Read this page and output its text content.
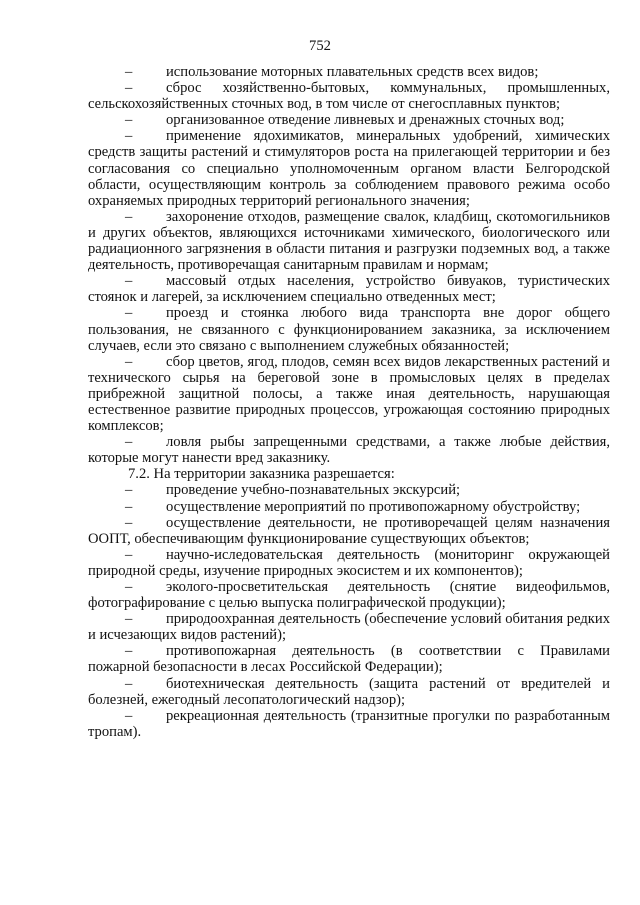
752

– использование моторных плавательных средств всех видов;

– сброс хозяйственно-бытовых, коммунальных, промышленных, сельскохозяйственных сточных вод, в том числе от снегосплавных пунктов;

– организованное отведение ливневых и дренажных сточных вод;

– применение ядохимикатов, минеральных удобрений, химических средств защиты растений и стимуляторов роста на прилегающей территории и без согласования со специально уполномоченным органом власти Белгородской области, осуществляющим контроль за соблюдением правового режима особо охраняемых природных территорий регионального значения;

– захоронение отходов, размещение свалок, кладбищ, скотомогильников и других объектов, являющихся источниками химического, биологического или радиационного загрязнения в области питания и разгрузки подземных вод, а также деятельность, противоречащая санитарным правилам и нормам;

– массовый отдых населения, устройство бивуаков, туристических стоянок и лагерей, за исключением специально отведенных мест;

– проезд и стоянка любого вида транспорта вне дорог общего пользования, не связанного с функционированием заказника, за исключением случаев, если это связано с выполнением служебных обязанностей;

– сбор цветов, ягод, плодов, семян всех видов лекарственных растений и технического сырья на береговой зоне в промысловых целях в пределах прибрежной защитной полосы, а также иная деятельность, нарушающая естественное развитие природных процессов, угрожающая состоянию природных комплексов;

– ловля рыбы запрещенными средствами, а также любые действия, которые могут нанести вред заказнику.

7.2. На территории заказника разрешается:

– проведение учебно-познавательных экскурсий;

– осуществление мероприятий по противопожарному обустройству;

– осуществление деятельности, не противоречащей целям назначения ООПТ, обеспечивающим функционирование существующих объектов;

– научно-иследовательская деятельность (мониторинг окружающей природной среды, изучение природных экосистем и их компонентов);

– эколого-просветительская деятельность (снятие видеофильмов, фотографирование с целью выпуска полиграфической продукции);

– природоохранная деятельность (обеспечение условий обитания редких и исчезающих видов растений);

– противопожарная деятельность (в соответствии с Правилами пожарной безопасности в лесах Российской Федерации);

– биотехническая деятельность (защита растений от вредителей и болезней, ежегодный лесопатологический надзор);

– рекреационная деятельность (транзитные прогулки по разработанным тропам).
